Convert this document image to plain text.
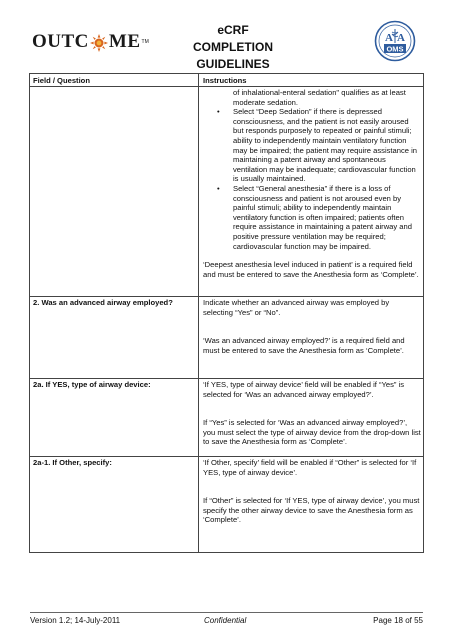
OUTC ME TM
eCRF COMPLETION
GUIDELINES
A A
OMS
Field / Question	Instructions

of inhalational-enteral sedation" qualifies as at least moderate sedation.

• Select “Deep Sedation” if there is depressed consciousness, and the patient is not easily aroused but responds purposely to repeated or painful stimuli; ability to independently maintain ventilatory function may be impaired; the patient may require assistance in maintaining a patent airway and spontaneous ventilation may be inadequate; cardiovascular function is usually maintained.
• Select “General anesthesia” if there is a loss of consciousness and patient is not aroused even by painful stimuli; ability to independently maintain ventilatory function is often impaired; patients often require assistance in maintaining a patent airway and positive pressure ventilation may be required; cardiovascular function may be impaired.

‘Deepest anesthesia level induced in patient’ is a required field and must be entered to save the Anesthesia form as ‘Complete’.

2. Was an advanced airway employed?	Indicate whether an advanced airway was employed by selecting “Yes” or “No”.

‘Was an advanced airway employed?’ is a required field and must be entered to save the Anesthesia form as ‘Complete’.

2a. If YES, type of airway device:	‘If YES, type of airway device’ field will be enabled if “Yes” is selected for ‘Was an advanced airway employed?’.

If “Yes” is selected for ‘Was an advanced airway employed?’, you must select the type of airway device from the drop-down list to save the Anesthesia form as ‘Complete’.

2a-1. If Other, specify:	‘If Other, specify’ field will be enabled if “Other” is selected for ‘If YES, type of airway device’.

If “Other” is selected for ‘If YES, type of airway device’, you must specify the other airway device to save the Anesthesia form as ‘Complete’.

Version 1.2; 14-July-2011	Confidential	Page 18 of 55
